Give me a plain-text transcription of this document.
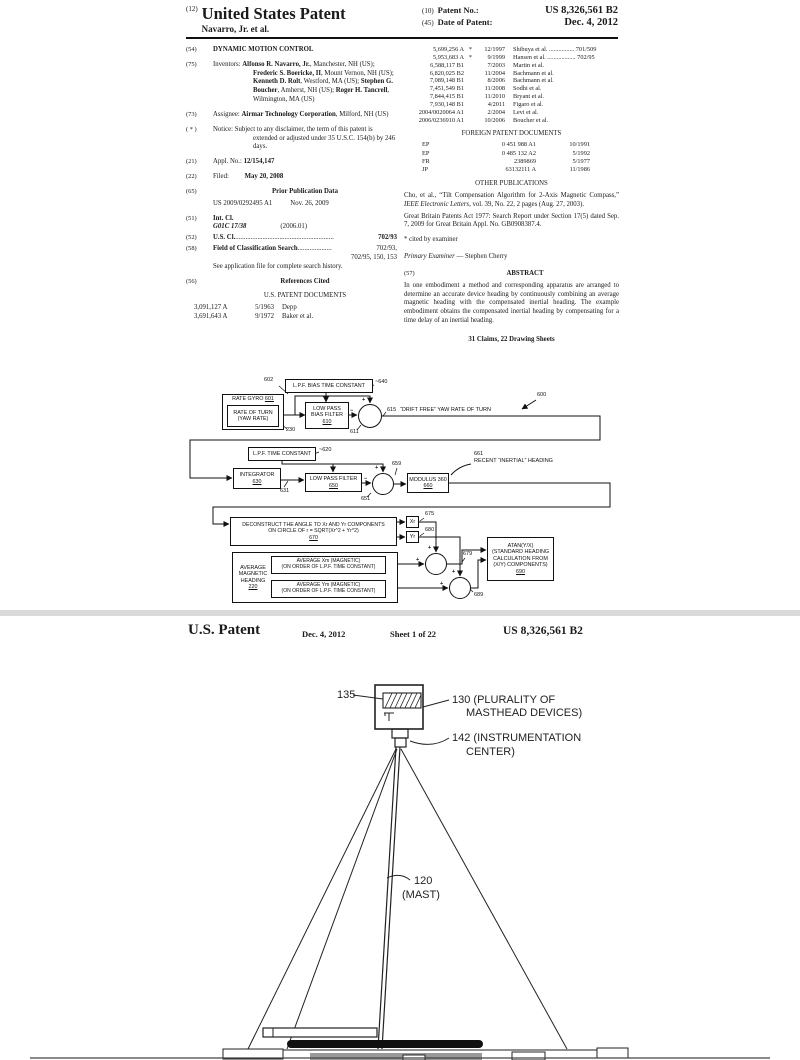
(12) United States Patent
Navarro, Jr. et al.
(10) Patent No.:	US 8,326,561 B2
(45) Date of Patent:	Dec. 4, 2012
(54)	DYNAMIC MOTION CONTROL
(75)	Inventors: Alfonso R. Navarro, Jr., Manchester, NH (US); Frederic S. Boericke, II, Mount Vernon, NH (US); Kenneth D. Rolt, Westford, MA (US); Stephen G. Boucher, Amherst, NH (US); Roger H. Tancrell, Wilmington, MA (US)
(73)	Assignee: Airmar Technology Corporation, Milford, NH (US)
( * )	Notice: Subject to any disclaimer, the term of this patent is extended or adjusted under 35 U.S.C. 154(b) by 246 days.
(21)	Appl. No.: 12/154,147
(22)	Filed: May 20, 2008
(65)	Prior Publication Data
US 2009/0292495 A1	Nov. 26, 2009
(51)	Int. Cl.
G01C 17/38	(2006.01)
(52)	U.S. Cl. ..........................................................	702/93
(58)	Field of Classification Search ....................	702/93,
702/95, 150, 153
See application file for complete search history.
(56)	References Cited
U.S. PATENT DOCUMENTS
3,091,127 A	5/1963	Depp
3,691,643 A	9/1972	Baker et al.
5,699,256 A *	12/1997	Shibuya et al. ................ 701/509
5,953,683 A *	9/1999	Hansen et al. .................. 702/95
6,588,117 B1	7/2003	Martin et al.
6,820,025 B2	11/2004	Bachmann et al.
7,089,148 B1	8/2006	Bachmann et al.
7,451,549 B1	11/2008	Sodhi et al.
7,844,415 B1	11/2010	Bryant et al.
7,930,148 B1	4/2011	Figaro et al.
2004/0020064 A1	2/2004	Levi et al.
2006/0236910 A1	10/2006	Boucher et al.
FOREIGN PATENT DOCUMENTS
EP	0 451 988 A1	10/1991
EP	0 485 132 A2	5/1992
FR	2389869	5/1977
JP	63132111 A	11/1986
OTHER PUBLICATIONS
Cho, et al., “Tilt Compensation Algorithm for 2-Axis Magnetic Compass,” IEEE Electronic Letters, vol. 39, No. 22, 2 pages (Aug. 27, 2003).
Great Britain Patents Act 1977: Search Report under Section 17(5) dated Sep. 7, 2009 for Great Britain Appl. No. GB0908387.4.
* cited by examiner
Primary Examiner — Stephen Cherry
(57)	ABSTRACT
In one embodiment a method and corresponding apparatus are arranged to determine an accurate device heading by continuously combining an average magnetic heading with the compensated inertial heading. The example embodiment obtains the compensated inertial heading by compensating for a time delay of an inertial heading.
31 Claims, 22 Drawing Sheets
L.P.F. BIAS TIME CONSTANT
RATE GYRO 601
RATE OF TURN
(YAW RATE)
LOW PASS
BIAS FILTER
610
L.P.F. TIME CONSTANT
INTEGRATOR
630	LOW PASS FILTER
650
MODULUS 360
660
DECONSTRUCT THE ANGLE TO Xr AND Yr COMPONENTS
ON CIRCLE OF r = SQRT(Xr^2 + Yr^2)
670
Xr
Yr
AVERAGE
MAGNETIC
HEADING
220
AVERAGE Xm (MAGNETIC)
(ON ORDER OF L.P.F. TIME CONSTANT)
AVERAGE Ym (MAGNETIC)
(ON ORDER OF L.P.F. TIME CONSTANT)
ATAN(Y/X)
(STANDARD HEADING
CALCULATION FROM
(X/Y) COMPONENTS)
690
602	~640
230	611
615 “DRIFT FREE” YAW RATE OF TURN
600
~620
631
651
659
661
RECENT “INERTIAL” HEADING
675
680
679
689
+
−
+
−
+
+
+
+
U.S. Patent	Dec. 4, 2012	Sheet 1 of 22	US 8,326,561 B2
135	130 (PLURALITY OF
MASTHEAD DEVICES)
142 (INSTRUMENTATION
CENTER)
120
(MAST)
